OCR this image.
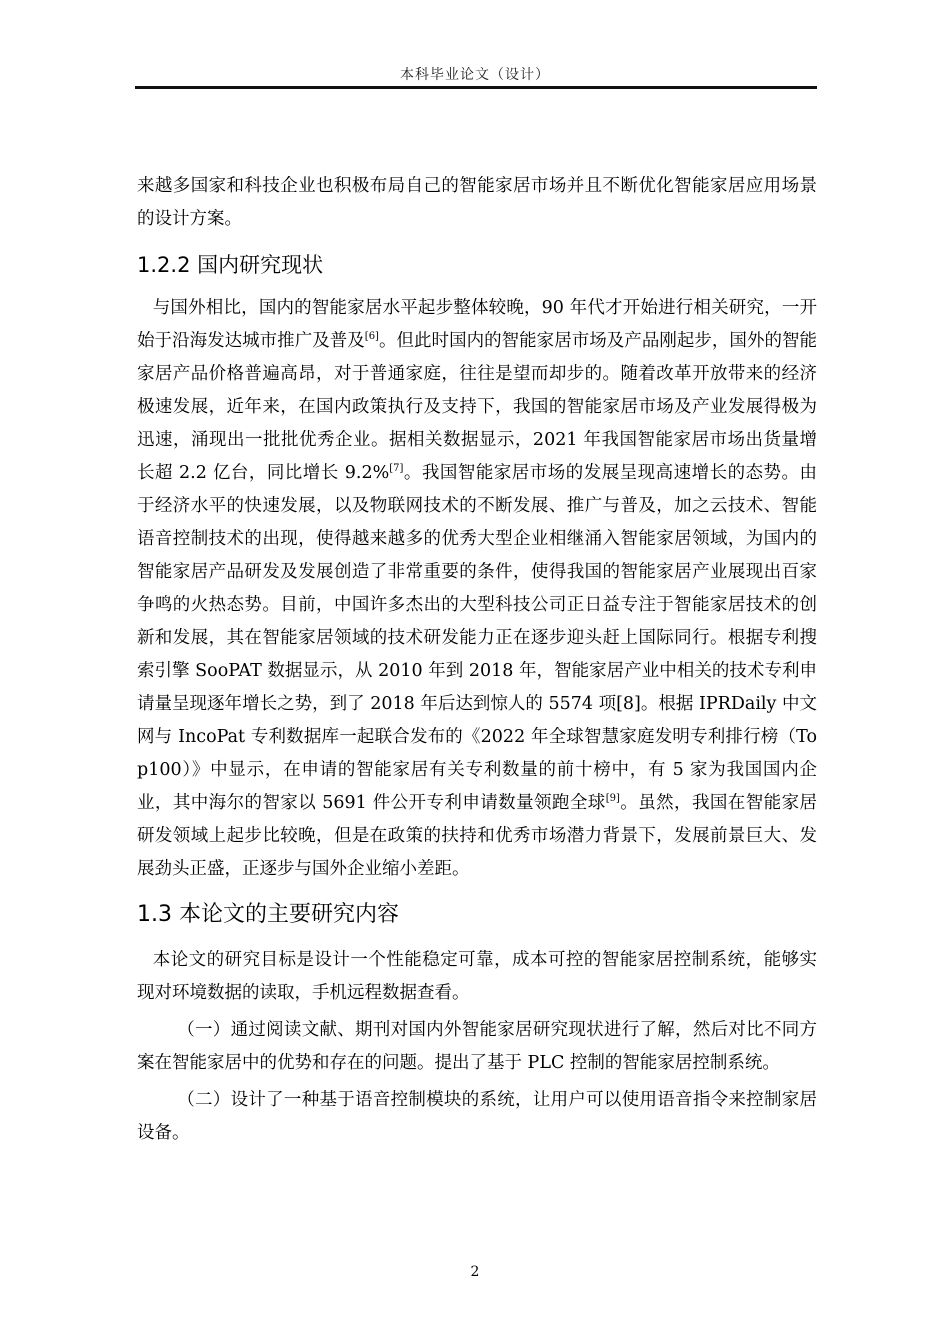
本科毕业论文（设计）

来越多国家和科技企业也积极布局自己的智能家居市场并且不断优化智能家居应用场景的设计方案。

1.2.2 国内研究现状

与国外相比，国内的智能家居水平起步整体较晚，90 年代才开始进行相关研究，一开始于沿海发达城市推广及普及[6]。但此时国内的智能家居市场及产品刚起步，国外的智能家居产品价格普遍高昂，对于普通家庭，往往是望而却步的。随着改革开放带来的经济极速发展，近年来，在国内政策执行及支持下，我国的智能家居市场及产业发展得极为迅速，涌现出一批批优秀企业。据相关数据显示，2021 年我国智能家居市场出货量增长超 2.2 亿台，同比增长 9.2%[7]。我国智能家居市场的发展呈现高速增长的态势。由于经济水平的快速发展，以及物联网技术的不断发展、推广与普及，加之云技术、智能语音控制技术的出现，使得越来越多的优秀大型企业相继涌入智能家居领域，为国内的智能家居产品研发及发展创造了非常重要的条件，使得我国的智能家居产业展现出百家争鸣的火热态势。目前，中国许多杰出的大型科技公司正日益专注于智能家居技术的创新和发展，其在智能家居领域的技术研发能力正在逐步迎头赶上国际同行。根据专利搜索引擎 SooPAT 数据显示，从 2010 年到 2018 年，智能家居产业中相关的技术专利申请量呈现逐年增长之势，到了 2018 年后达到惊人的 5574 项[8]。根据 IPRDaily 中文网与 IncoPat 专利数据库一起联合发布的《2022 年全球智慧家庭发明专利排行榜（Top100）》中显示，在申请的智能家居有关专利数量的前十榜中，有 5 家为我国国内企业，其中海尔的智家以 5691 件公开专利申请数量领跑全球[9]。虽然，我国在智能家居研发领域上起步比较晚，但是在政策的扶持和优秀市场潜力背景下，发展前景巨大、发展劲头正盛，正逐步与国外企业缩小差距。

1.3 本论文的主要研究内容

本论文的研究目标是设计一个性能稳定可靠，成本可控的智能家居控制系统，能够实现对环境数据的读取，手机远程数据查看。

（一）通过阅读文献、期刊对国内外智能家居研究现状进行了解，然后对比不同方案在智能家居中的优势和存在的问题。提出了基于 PLC 控制的智能家居控制系统。

（二）设计了一种基于语音控制模块的系统，让用户可以使用语音指令来控制家居设备。

2
